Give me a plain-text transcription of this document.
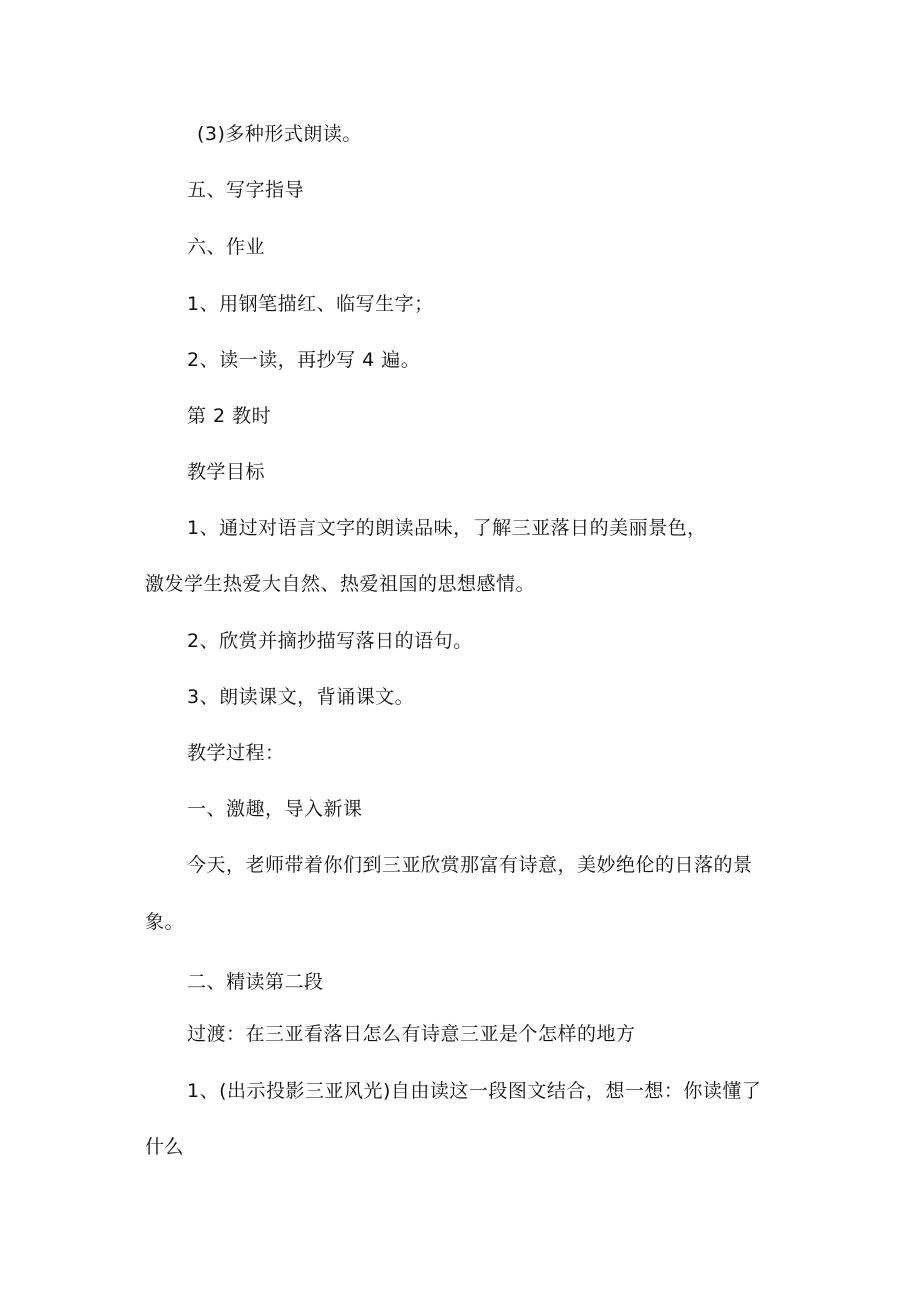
(3)多种形式朗读。
五、写字指导
六、作业
1、用钢笔描红、临写生字；
2、读一读，再抄写 4 遍。
第 2 教时
教学目标
1、通过对语言文字的朗读品味，了解三亚落日的美丽景色，
激发学生热爱大自然、热爱祖国的思想感情。
2、欣赏并摘抄描写落日的语句。
3、朗读课文，背诵课文。
教学过程：
一、激趣，导入新课
今天，老师带着你们到三亚欣赏那富有诗意，美妙绝伦的日落的景
象。
二、精读第二段
过渡：在三亚看落日怎么有诗意三亚是个怎样的地方
1、(出示投影三亚风光)自由读这一段图文结合，想一想：你读懂了
什么
